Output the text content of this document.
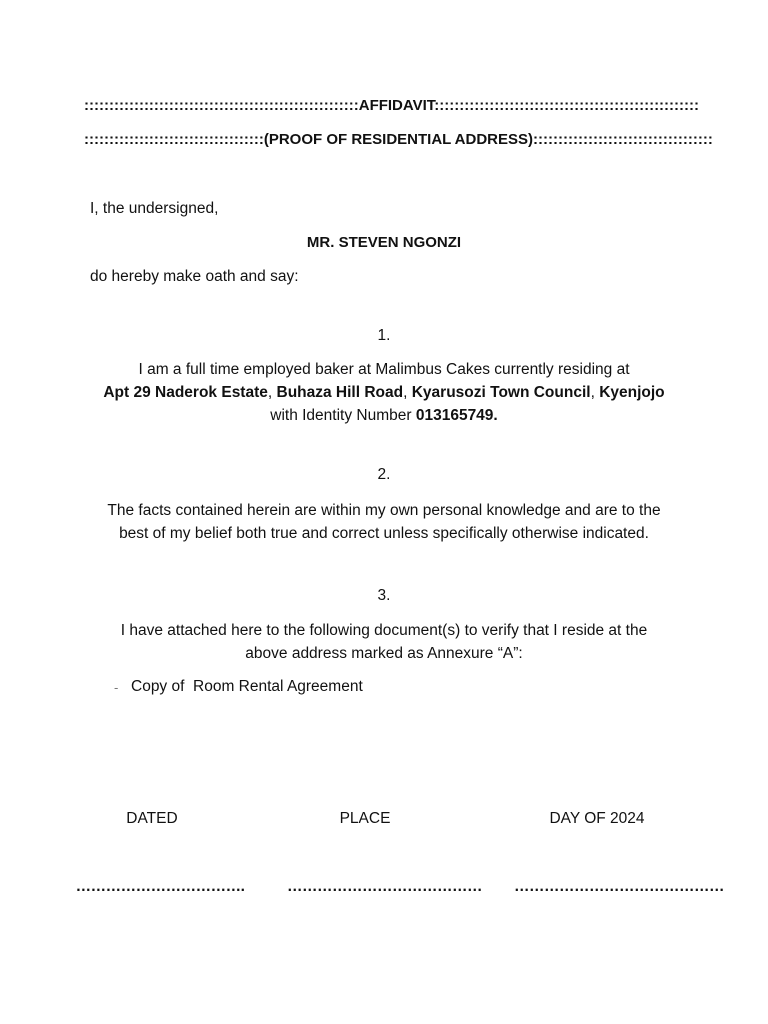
:::::::::::::::::::::::::::::::::::::::::::::::::::::::AFFIDAVIT:::::::::::::::::::::::::::::::::::::::::::::::::::::
::::::::::::::::::::::::::::::::::::(PROOF OF RESIDENTIAL ADDRESS)::::::::::::::::::::::::::::::::::::
I, the undersigned,
MR. STEVEN NGONZI
do hereby make oath and say:
1.
I am a full time employed baker at Malimbus Cakes currently residing at
Apt 29 Naderok Estate, Buhaza Hill Road, Kyarusozi Town Council, Kyenjojo
with Identity Number 013165749.
2.
The facts contained herein are within my own personal knowledge and are to the
best of my belief both true and correct unless specifically otherwise indicated.
3.
I have attached here to the following document(s) to verify that I reside at the
above address marked as Annexure “A”:
- Copy of  Room Rental Agreement
DATED	PLACE	DAY OF 2024
…………………………….	………………………………… ……………………………………
